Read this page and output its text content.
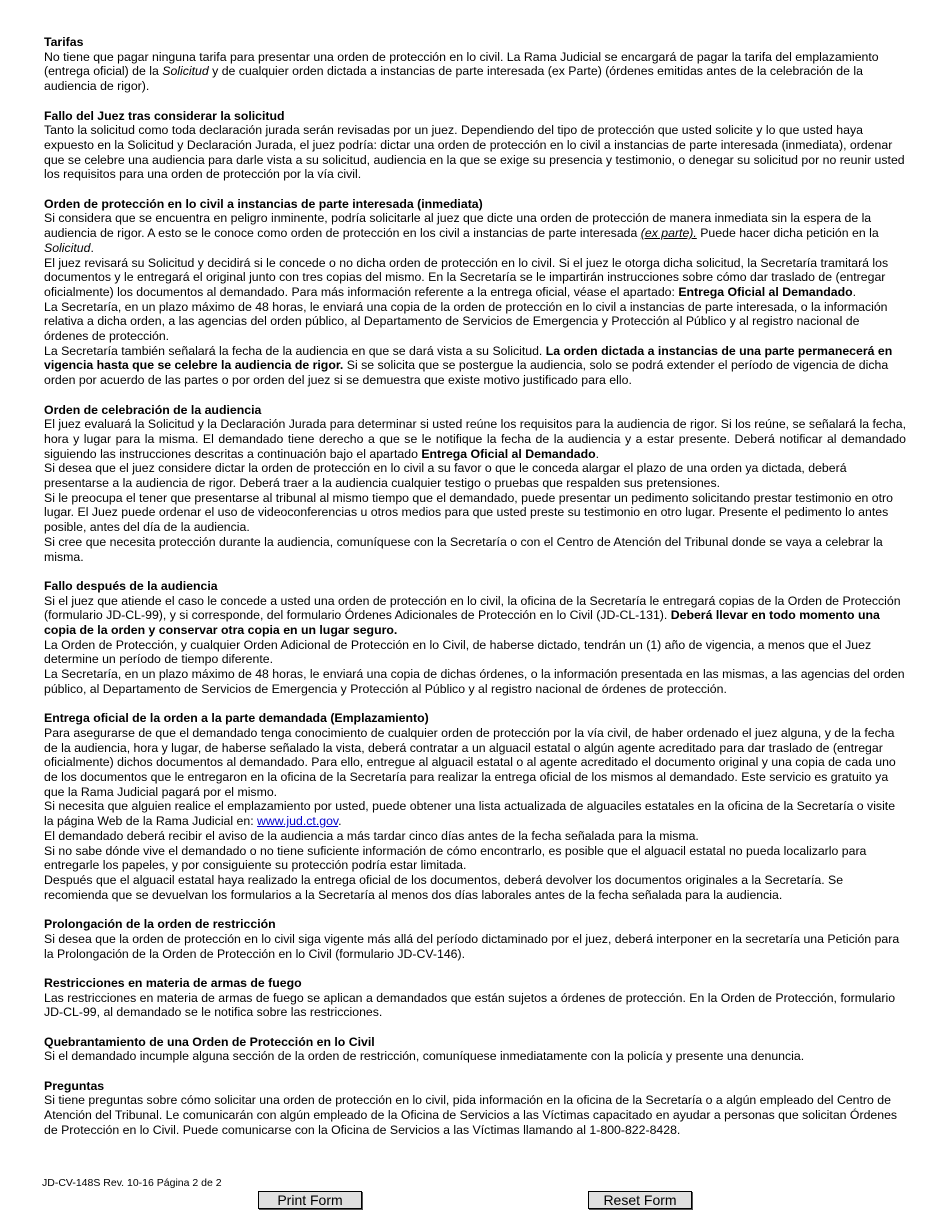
Tarifas

No tiene que pagar ninguna tarifa para presentar una orden de protección en lo civil. La Rama Judicial se encargará de pagar la tarifa del emplazamiento (entrega oficial) de la Solicitud y de cualquier orden dictada a instancias de parte interesada (ex Parte) (órdenes emitidas antes de la celebración de la audiencia de rigor).

Fallo del Juez tras considerar la solicitud

Tanto la solicitud como toda declaración jurada serán revisadas por un juez. Dependiendo del tipo de protección que usted solicite y lo que usted haya expuesto en la Solicitud y Declaración Jurada, el juez podría: dictar una orden de protección en lo civil a instancias de parte interesada (inmediata), ordenar que se celebre una audiencia para darle vista a su solicitud, audiencia en la que se exige su presencia y testimonio, o denegar su solicitud por no reunir usted los requisitos para una orden de protección por la vía civil.

Orden de protección en lo civil a instancias de parte interesada (inmediata)

Si considera que se encuentra en peligro inminente, podría solicitarle al juez que dicte una orden de protección de manera inmediata sin la espera de la audiencia de rigor. A esto se le conoce como orden de protección en los civil a instancias de parte interesada (ex parte). Puede hacer dicha petición en la Solicitud.

El juez revisará su Solicitud y decidirá si le concede o no dicha orden de protección en lo civil. Si el juez le otorga dicha solicitud, la Secretaría tramitará los documentos y le entregará el original junto con tres copias del mismo. En la Secretaría se le impartirán instrucciones sobre cómo dar traslado de (entregar oficialmente) los documentos al demandado. Para más información referente a la entrega oficial, véase el apartado: Entrega Oficial al Demandado.

La Secretaría, en un plazo máximo de 48 horas, le enviará una copia de la orden de protección en lo civil a instancias de parte interesada, o la información relativa a dicha orden, a las agencias del orden público, al Departamento de Servicios de Emergencia y Protección al Público y al registro nacional de órdenes de protección.

La Secretaría también señalará la fecha de la audiencia en que se dará vista a su Solicitud. La orden dictada a instancias de una parte permanecerá en vigencia hasta que se celebre la audiencia de rigor. Si se solicita que se postergue la audiencia, solo se podrá extender el período de vigencia de dicha orden por acuerdo de las partes o por orden del juez si se demuestra que existe motivo justificado para ello.

Orden de celebración de la audiencia

El juez evaluará la Solicitud y la Declaración Jurada para determinar si usted reúne los requisitos para la audiencia de rigor. Si los reúne, se señalará la fecha, hora y lugar para la misma. El demandado tiene derecho a que se le notifique la fecha de la audiencia y a estar presente. Deberá notificar al demandado siguiendo las instrucciones descritas a continuación bajo el apartado Entrega Oficial al Demandado.

Si desea que el juez considere dictar la orden de protección en lo civil a su favor o que le conceda alargar el plazo de una orden ya dictada, deberá presentarse a la audiencia de rigor. Deberá traer a la audiencia cualquier testigo o pruebas que respalden sus pretensiones.

Si le preocupa el tener que presentarse al tribunal al mismo tiempo que el demandado, puede presentar un pedimento solicitando prestar testimonio en otro lugar. El Juez puede ordenar el uso de videoconferencias u otros medios para que usted preste su testimonio en otro lugar. Presente el pedimento lo antes posible, antes del día de la audiencia.

Si cree que necesita protección durante la audiencia, comuníquese con la Secretaría o con el Centro de Atención del Tribunal donde se vaya a celebrar la misma.

Fallo después de la audiencia

Si el juez que atiende el caso le concede a usted una orden de protección en lo civil, la oficina de la Secretaría le entregará copias de la Orden de Protección (formulario JD-CL-99), y si corresponde, del formulario Órdenes Adicionales de Protección en lo Civil (JD-CL-131). Deberá llevar en todo momento una copia de la orden y conservar otra copia en un lugar seguro.

La Orden de Protección, y cualquier Orden Adicional de Protección en lo Civil, de haberse dictado, tendrán un (1) año de vigencia, a menos que el Juez determine un período de tiempo diferente.

La Secretaría, en un plazo máximo de 48 horas, le enviará una copia de dichas órdenes, o la información presentada en las mismas, a las agencias del orden público, al Departamento de Servicios de Emergencia y Protección al Público y al registro nacional de órdenes de protección.

Entrega oficial de la orden a la parte demandada (Emplazamiento)

Para asegurarse de que el demandado tenga conocimiento de cualquier orden de protección por la vía civil, de haber ordenado el juez alguna, y de la fecha de la audiencia, hora y lugar, de haberse señalado la vista, deberá contratar a un alguacil estatal o algún agente acreditado para dar traslado de (entregar oficialmente) dichos documentos al demandado. Para ello, entregue al alguacil estatal o al agente acreditado el documento original y una copia de cada uno de los documentos que le entregaron en la oficina de la Secretaría para realizar la entrega oficial de los mismos al demandado. Este servicio es gratuito ya que la Rama Judicial pagará por el mismo.

Si necesita que alguien realice el emplazamiento por usted, puede obtener una lista actualizada de alguaciles estatales en la oficina de la Secretaría o visite la página Web de la Rama Judicial en: www.jud.ct.gov.

El demandado deberá recibir el aviso de la audiencia a más tardar cinco días antes de la fecha señalada para la misma.

Si no sabe dónde vive el demandado o no tiene suficiente información de cómo encontrarlo, es posible que el alguacil estatal no pueda localizarlo para entregarle los papeles, y por consiguiente su protección podría estar limitada.

Después que el alguacil estatal haya realizado la entrega oficial de los documentos, deberá devolver los documentos originales a la Secretaría. Se recomienda que se devuelvan los formularios a la Secretaría al menos dos días laborales antes de la fecha señalada para la audiencia.

Prolongación de la orden de restricción

Si desea que la orden de protección en lo civil siga vigente más allá del período dictaminado por el juez, deberá interponer en la secretaría una Petición para la Prolongación de la Orden de Protección en lo Civil (formulario JD-CV-146).

Restricciones en materia de armas de fuego

Las restricciones en materia de armas de fuego se aplican a demandados que están sujetos a órdenes de protección. En la Orden de Protección, formulario JD-CL-99, al demandado se le notifica sobre las restricciones.

Quebrantamiento de una Orden de Protección en lo Civil

Si el demandado incumple alguna sección de la orden de restricción, comuníquese inmediatamente con la policía y presente una denuncia.

Preguntas

Si tiene preguntas sobre cómo solicitar una orden de protección en lo civil, pida información en la oficina de la Secretaría o a algún empleado del Centro de Atención del Tribunal. Le comunicarán con algún empleado de la Oficina de Servicios a las Víctimas capacitado en ayudar a personas que solicitan Órdenes de Protección en lo Civil. Puede comunicarse con la Oficina de Servicios a las Víctimas llamando al 1-800-822-8428.

JD-CV-148S Rev. 10-16 Página 2 de 2
Print Form	Reset Form
